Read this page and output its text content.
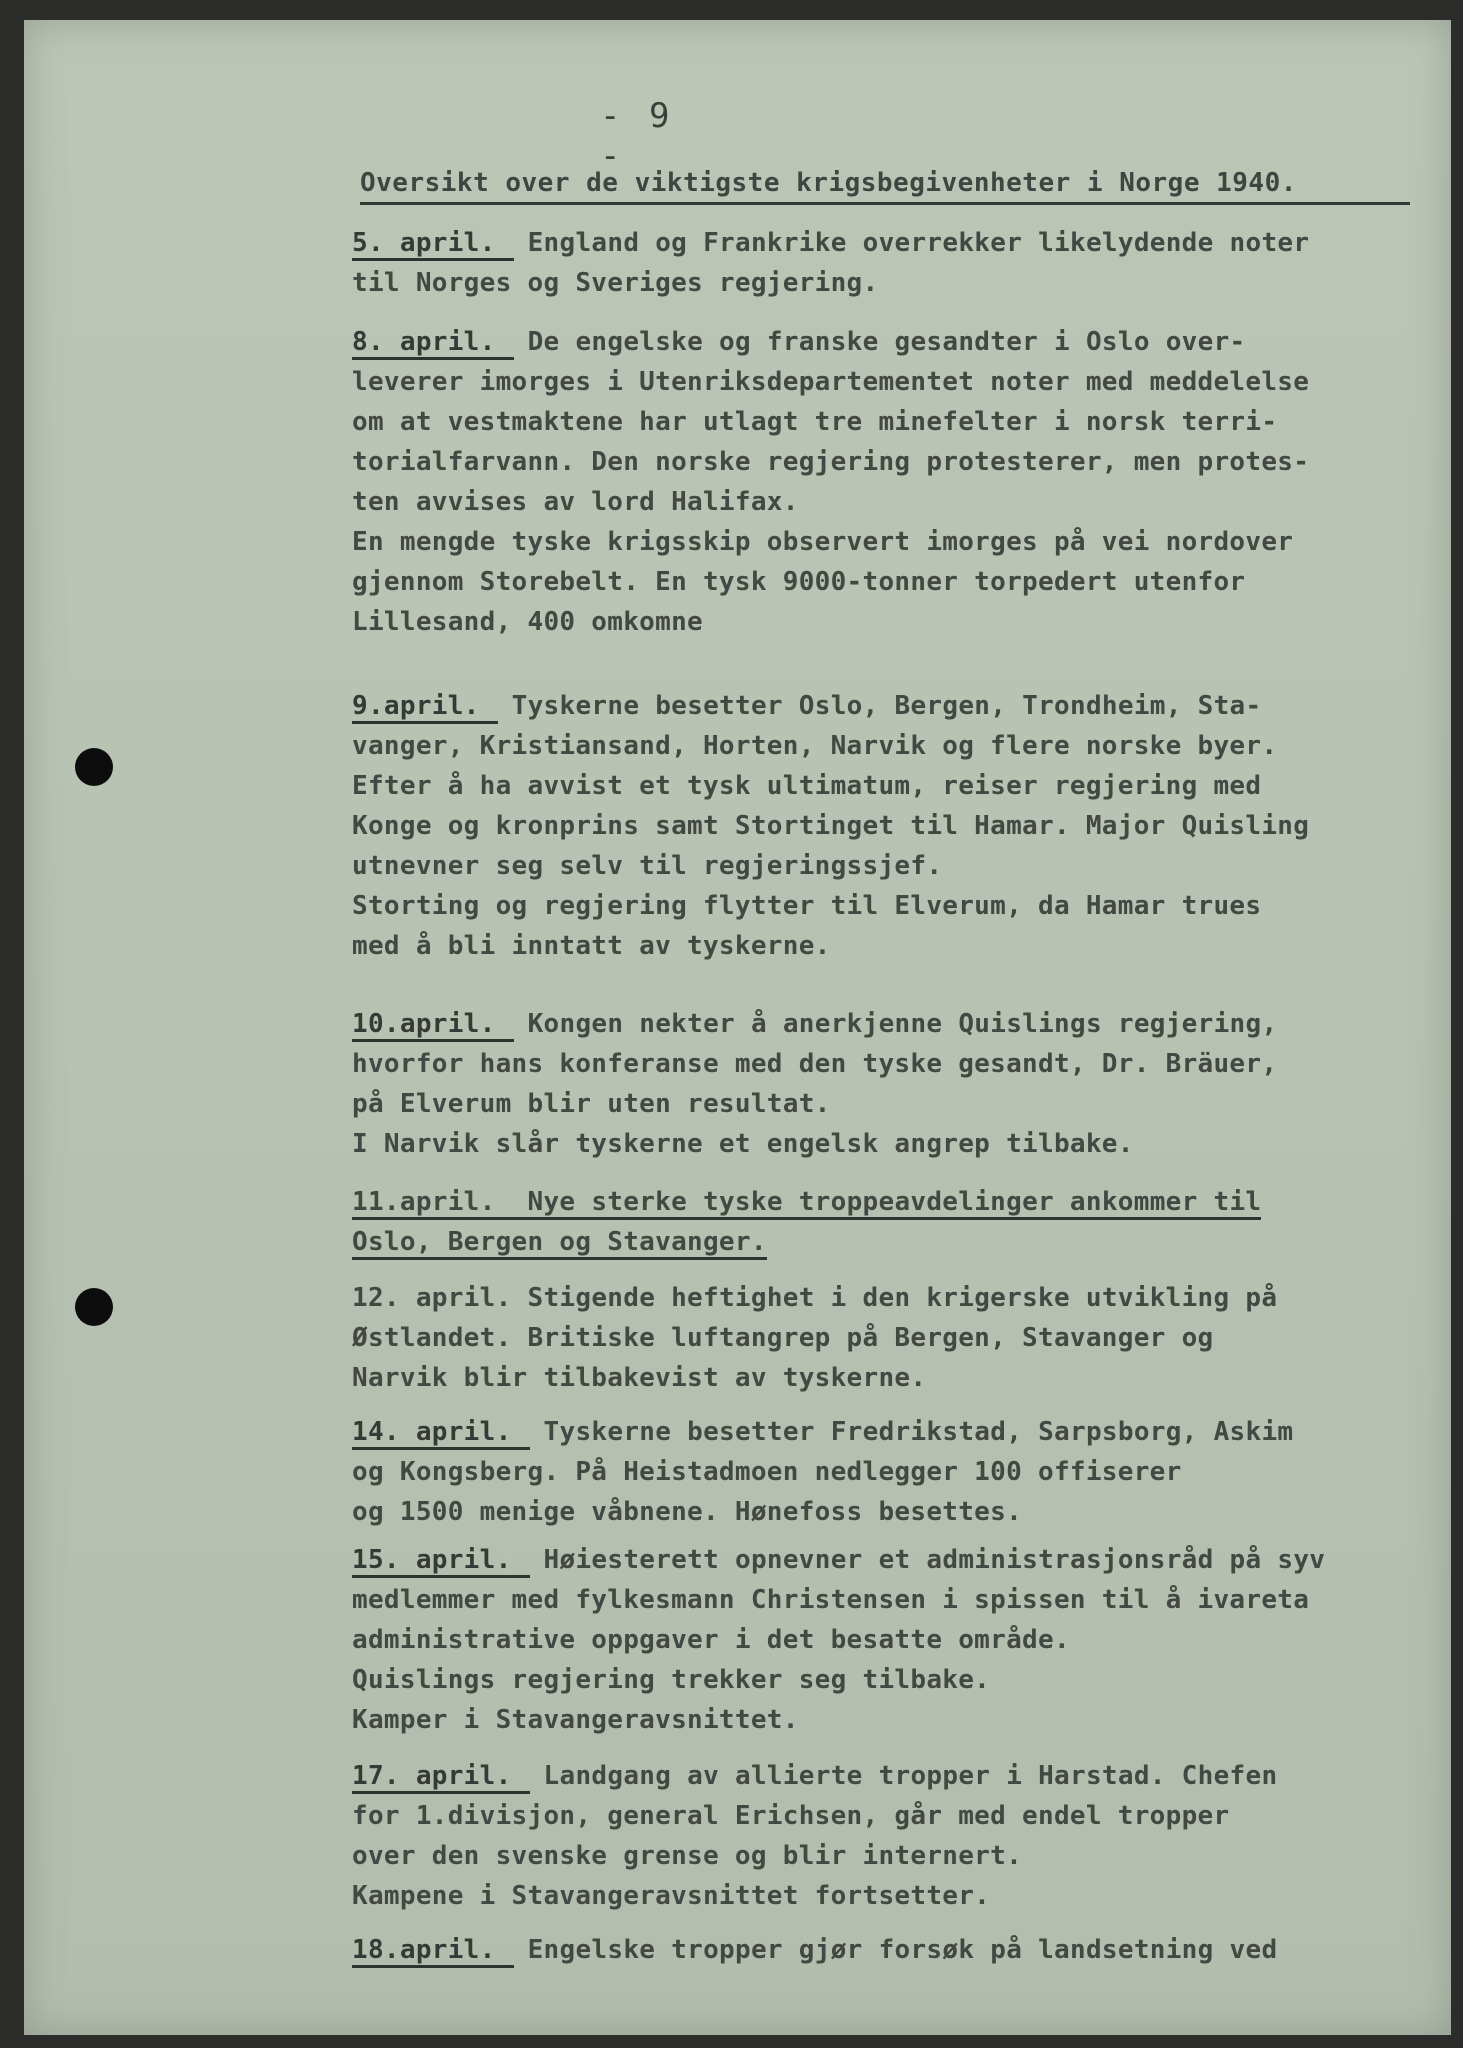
- 9 -
Oversikt over de viktigste krigsbegivenheter i Norge 1940.
5. april. England og Frankrike overrekker likelydende noter
til Norges og Sveriges regjering.
8. april. De engelske og franske gesandter i Oslo over-
leverer imorges i Utenriksdepartementet noter med meddelelse
om at vestmaktene har utlagt tre minefelter i norsk terri-
torialfarvann. Den norske regjering protesterer, men protes-
ten avvises av lord Halifax.
En mengde tyske krigsskip observert imorges på vei nordover
gjennom Storebelt. En tysk 9000-tonner torpedert utenfor
Lillesand, 400 omkomne
9.april. Tyskerne besetter Oslo, Bergen, Trondheim, Sta-
vanger, Kristiansand, Horten, Narvik og flere norske byer.
Efter å ha avvist et tysk ultimatum, reiser regjering med
Konge og kronprins samt Stortinget til Hamar. Major Quisling
utnevner seg selv til regjeringssjef.
Storting og regjering flytter til Elverum, da Hamar trues
med å bli inntatt av tyskerne.
10.april. Kongen nekter å anerkjenne Quislings regjering,
hvorfor hans konferanse med den tyske gesandt, Dr. Bräuer,
på Elverum blir uten resultat.
I Narvik slår tyskerne et engelsk angrep tilbake.
11.april. Nye sterke tyske troppeavdelinger ankommer til
Oslo, Bergen og Stavanger.
12. april. Stigende heftighet i den krigerske utvikling på
Østlandet. Britiske luftangrep på Bergen, Stavanger og
Narvik blir tilbakevist av tyskerne.
14. april. Tyskerne besetter Fredrikstad, Sarpsborg, Askim
og Kongsberg. På Heistadmoen nedlegger 100 offiserer
og 1500 menige våbnene. Hønefoss besettes.
15. april. Høiesterett opnevner et administrasjonsråd på syv
medlemmer med fylkesmann Christensen i spissen til å ivareta
administrative oppgaver i det besatte område.
Quislings regjering trekker seg tilbake.
Kamper i Stavangeravsnittet.
17. april. Landgang av allierte tropper i Harstad. Chefen
for 1.divisjon, general Erichsen, går med endel tropper
over den svenske grense og blir internert.
Kampene i Stavangeravsnittet fortsetter.
18.april. Engelske tropper gjør forsøk på landsetning ved
